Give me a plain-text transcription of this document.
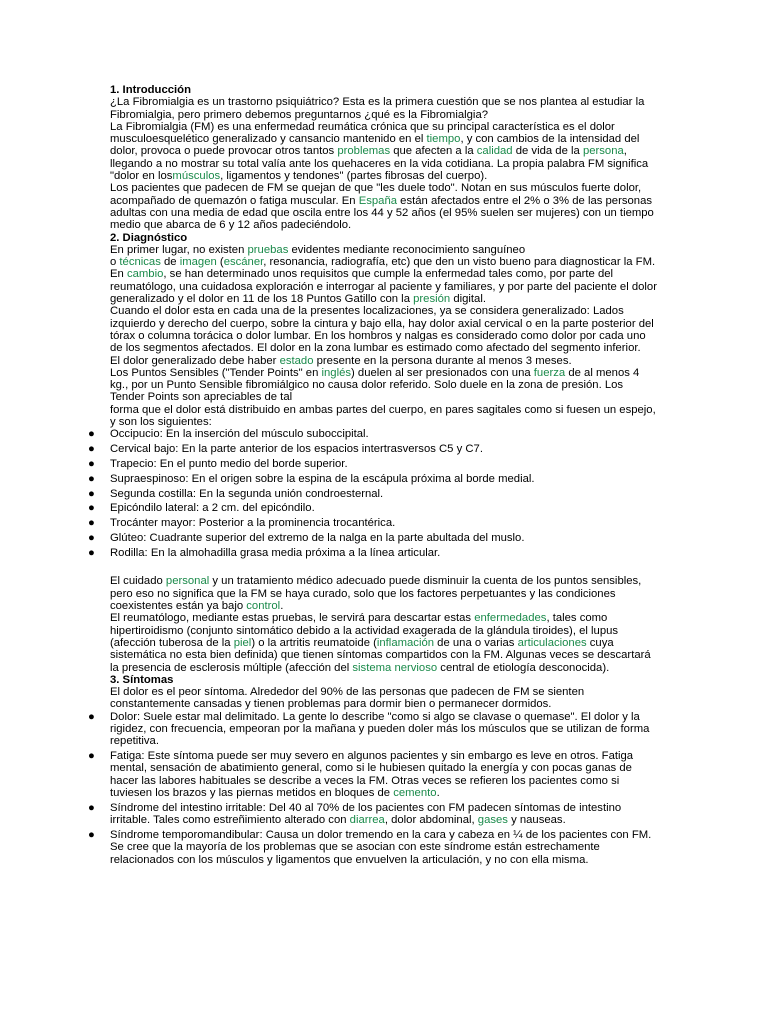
1. Introducción

¿La Fibromialgia es un trastorno psiquiátrico? Esta es la primera cuestión que se nos plantea al estudiar la Fibromialgia, pero primero debemos preguntarnos ¿qué es la Fibromialgia?

La Fibromialgia (FM) es una enfermedad reumática crónica que su principal característica es el dolor musculoesquelético generalizado y cansancio mantenido en el tiempo, y con cambios de la intensidad del dolor, provoca o puede provocar otros tantos problemas que afecten a la calidad de vida de la persona, llegando a no mostrar su total valía ante los quehaceres en la vida cotidiana. La propia palabra FM significa "dolor en losmúsculos, ligamentos y tendones" (partes fibrosas del cuerpo).

Los pacientes que padecen de FM se quejan de que "les duele todo". Notan en sus músculos fuerte dolor, acompañado de quemazón o fatiga muscular. En España están afectados entre el 2% o 3% de las personas adultas con una media de edad que oscila entre los 44 y 52 años (el 95% suelen ser mujeres) con un tiempo medio que abarca de 6 y 12 años padeciéndolo.

2. Diagnóstico

En primer lugar, no existen pruebas evidentes mediante reconocimiento sanguíneo

o técnicas de imagen (escáner, resonancia, radiografía, etc) que den un visto bueno para diagnosticar la FM.

En cambio, se han determinado unos requisitos que cumple la enfermedad tales como, por parte del reumatólogo, una cuidadosa exploración e interrogar al paciente y familiares, y por parte del paciente el dolor generalizado y el dolor en 11 de los 18 Puntos Gatillo con la presión digital.

Cuando el dolor esta en cada una de la presentes localizaciones, ya se considera generalizado: Lados izquierdo y derecho del cuerpo, sobre la cintura y bajo ella, hay dolor axial cervical o en la parte posterior del tórax o columna torácica o dolor lumbar. En los hombros y nalgas es considerado como dolor por cada uno de los segmentos afectados. El dolor en la zona lumbar es estimado como afectado del segmento inferior.

El dolor generalizado debe haber estado presente en la persona durante al menos 3 meses.

Los Puntos Sensibles ("Tender Points" en inglés) duelen al ser presionados con una fuerza de al menos 4 kg., por un Punto Sensible fibromiálgico no causa dolor referido. Solo duele en la zona de presión. Los Tender Points son apreciables de tal

forma que el dolor está distribuido en ambas partes del cuerpo, en pares sagitales como si fuesen un espejo, y son los siguientes:

● Occipucio: En la inserción del músculo suboccipital.
● Cervical bajo: En la parte anterior de los espacios intertrasversos C5 y C7.
● Trapecio: En el punto medio del borde superior.
● Supraespinoso: En el origen sobre la espina de la escápula próxima al borde medial.
● Segunda costilla: En la segunda unión condroesternal.
● Epicóndilo lateral: a 2 cm. del epicóndilo.
● Trocánter mayor: Posterior a la prominencia trocantérica.
● Glúteo: Cuadrante superior del extremo de la nalga en la parte abultada del muslo.
● Rodilla: En la almohadilla grasa media próxima a la línea articular.

El cuidado personal y un tratamiento médico adecuado puede disminuir la cuenta de los puntos sensibles, pero eso no significa que la FM se haya curado, solo que los factores perpetuantes y las condiciones coexistentes están ya bajo control.

El reumatólogo, mediante estas pruebas, le servirá para descartar estas enfermedades, tales como hipertiroidismo (conjunto sintomático debido a la actividad exagerada de la glándula tiroides), el lupus (afección tuberosa de la piel) o la artritis reumatoide (inflamación de una o varias articulaciones cuya sistemática no esta bien definida) que tienen síntomas compartidos con la FM. Algunas veces se descartará la presencia de esclerosis múltiple (afección del sistema nervioso central de etiología desconocida).

3. Síntomas

El dolor es el peor síntoma. Alrededor del 90% de las personas que padecen de FM se sienten constantemente cansadas y tienen problemas para dormir bien o permanecer dormidos.

● Dolor: Suele estar mal delimitado. La gente lo describe "como si algo se clavase o quemase". El dolor y la rigidez, con frecuencia, empeoran por la mañana y pueden doler más los músculos que se utilizan de forma repetitiva.
● Fatiga: Este síntoma puede ser muy severo en algunos pacientes y sin embargo es leve en otros. Fatiga mental, sensación de abatimiento general, como si le hubiesen quitado la energía y con pocas ganas de hacer las labores habituales se describe a veces la FM. Otras veces se refieren los pacientes como si tuviesen los brazos y las piernas metidos en bloques de cemento.
● Síndrome del intestino irritable: Del 40 al 70% de los pacientes con FM padecen síntomas de intestino irritable. Tales como estreñimiento alterado con diarrea, dolor abdominal, gases y nauseas.
● Síndrome temporomandibular: Causa un dolor tremendo en la cara y cabeza en ¼ de los pacientes con FM. Se cree que la mayoría de los problemas que se asocian con este síndrome están estrechamente relacionados con los músculos y ligamentos que envuelven la articulación, y no con ella misma.
